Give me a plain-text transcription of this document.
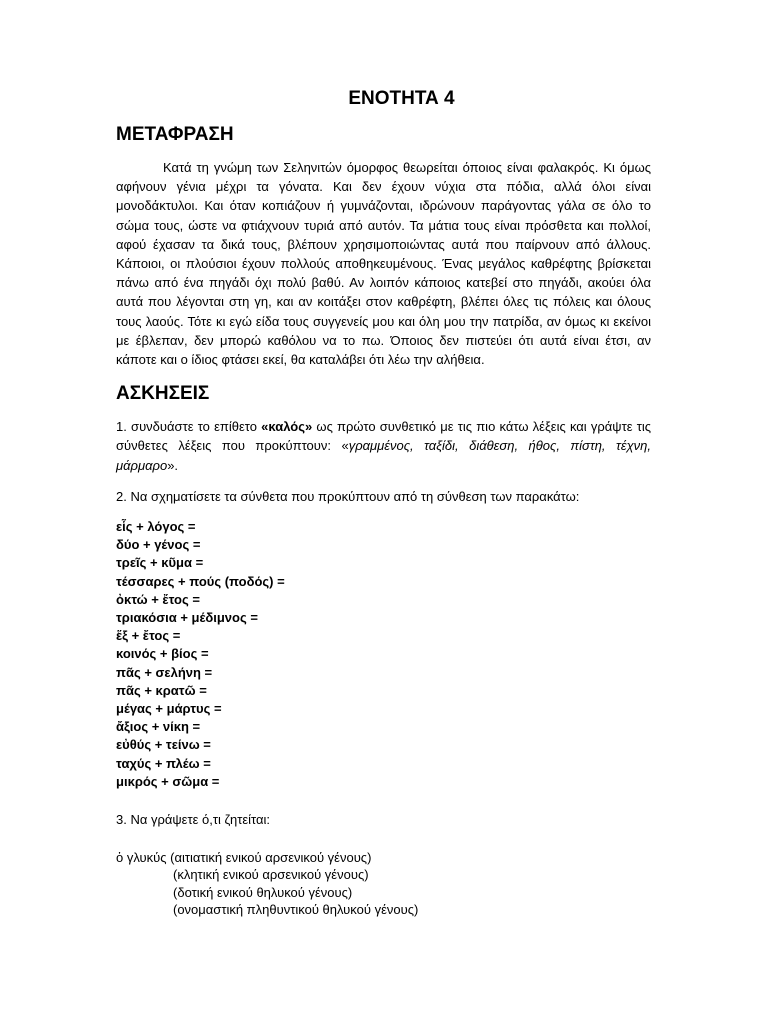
ΕΝΟΤΗΤΑ 4
ΜΕΤΑΦΡΑΣΗ

Κατά τη γνώμη των Σεληνιτών όμορφος θεωρείται όποιος είναι φαλακρός. Κι όμως αφήνουν γένια μέχρι τα γόνατα. Και δεν έχουν νύχια στα πόδια, αλλά όλοι είναι μονοδάκτυλοι. Και όταν κοπιάζουν ή γυμνάζονται, ιδρώνουν παράγοντας γάλα σε όλο το σώμα τους, ώστε να φτιάχνουν τυριά από αυτόν. Τα μάτια τους είναι πρόσθετα και πολλοί, αφού έχασαν τα δικά τους, βλέπουν χρησιμοποιώντας αυτά που παίρνουν από άλλους. Κάποιοι, οι πλούσιοι έχουν πολλούς αποθηκευμένους. Ένας μεγάλος καθρέφτης βρίσκεται πάνω από ένα πηγάδι όχι πολύ βαθύ. Αν λοιπόν κάποιος κατεβεί στο πηγάδι, ακούει όλα αυτά που λέγονται στη γη, και αν κοιτάξει στον καθρέφτη, βλέπει όλες τις πόλεις και όλους τους λαούς. Τότε κι εγώ είδα τους συγγενείς μου και όλη μου την πατρίδα, αν όμως κι εκείνοι με έβλεπαν, δεν μπορώ καθόλου να το πω. Όποιος δεν πιστεύει ότι αυτά είναι έτσι, αν κάποτε και ο ίδιος φτάσει εκεί, θα καταλάβει ότι λέω την αλήθεια.

ΑΣΚΗΣΕΙΣ

1. συνδυάστε το επίθετο «καλός» ως πρώτο συνθετικό με τις πιο κάτω λέξεις και γράψτε τις σύνθετες λέξεις που προκύπτουν: «γραμμένος, ταξίδι, διάθεση, ήθος, πίστη, τέχνη, μάρμαρο».

2. Να σχηματίσετε τα σύνθετα που προκύπτουν από τη σύνθεση των παρακάτω:

εἷς + λόγος =
δύο + γένος =
τρεῖς + κῦμα =
τέσσαρες + πούς (ποδός) =
ὀκτώ + ἔτος =
τριακόσια + μέδιμνος =
ἕξ + ἔτος =
κοινός + βίος =
πᾶς + σελήνη =
πᾶς + κρατῶ =
μέγας + μάρτυς =
ἄξιος + νίκη =
εὐθύς + τείνω =
ταχύς + πλέω =
μικρός + σῶμα =

3. Να γράψετε ό,τι ζητείται:

ὁ γλυκύς (αιτιατική ενικού αρσενικού γένους)

(κλητική ενικού αρσενικού γένους)

(δοτική ενικού θηλυκού γένους)

(ονομαστική πληθυντικού θηλυκού γένους)
